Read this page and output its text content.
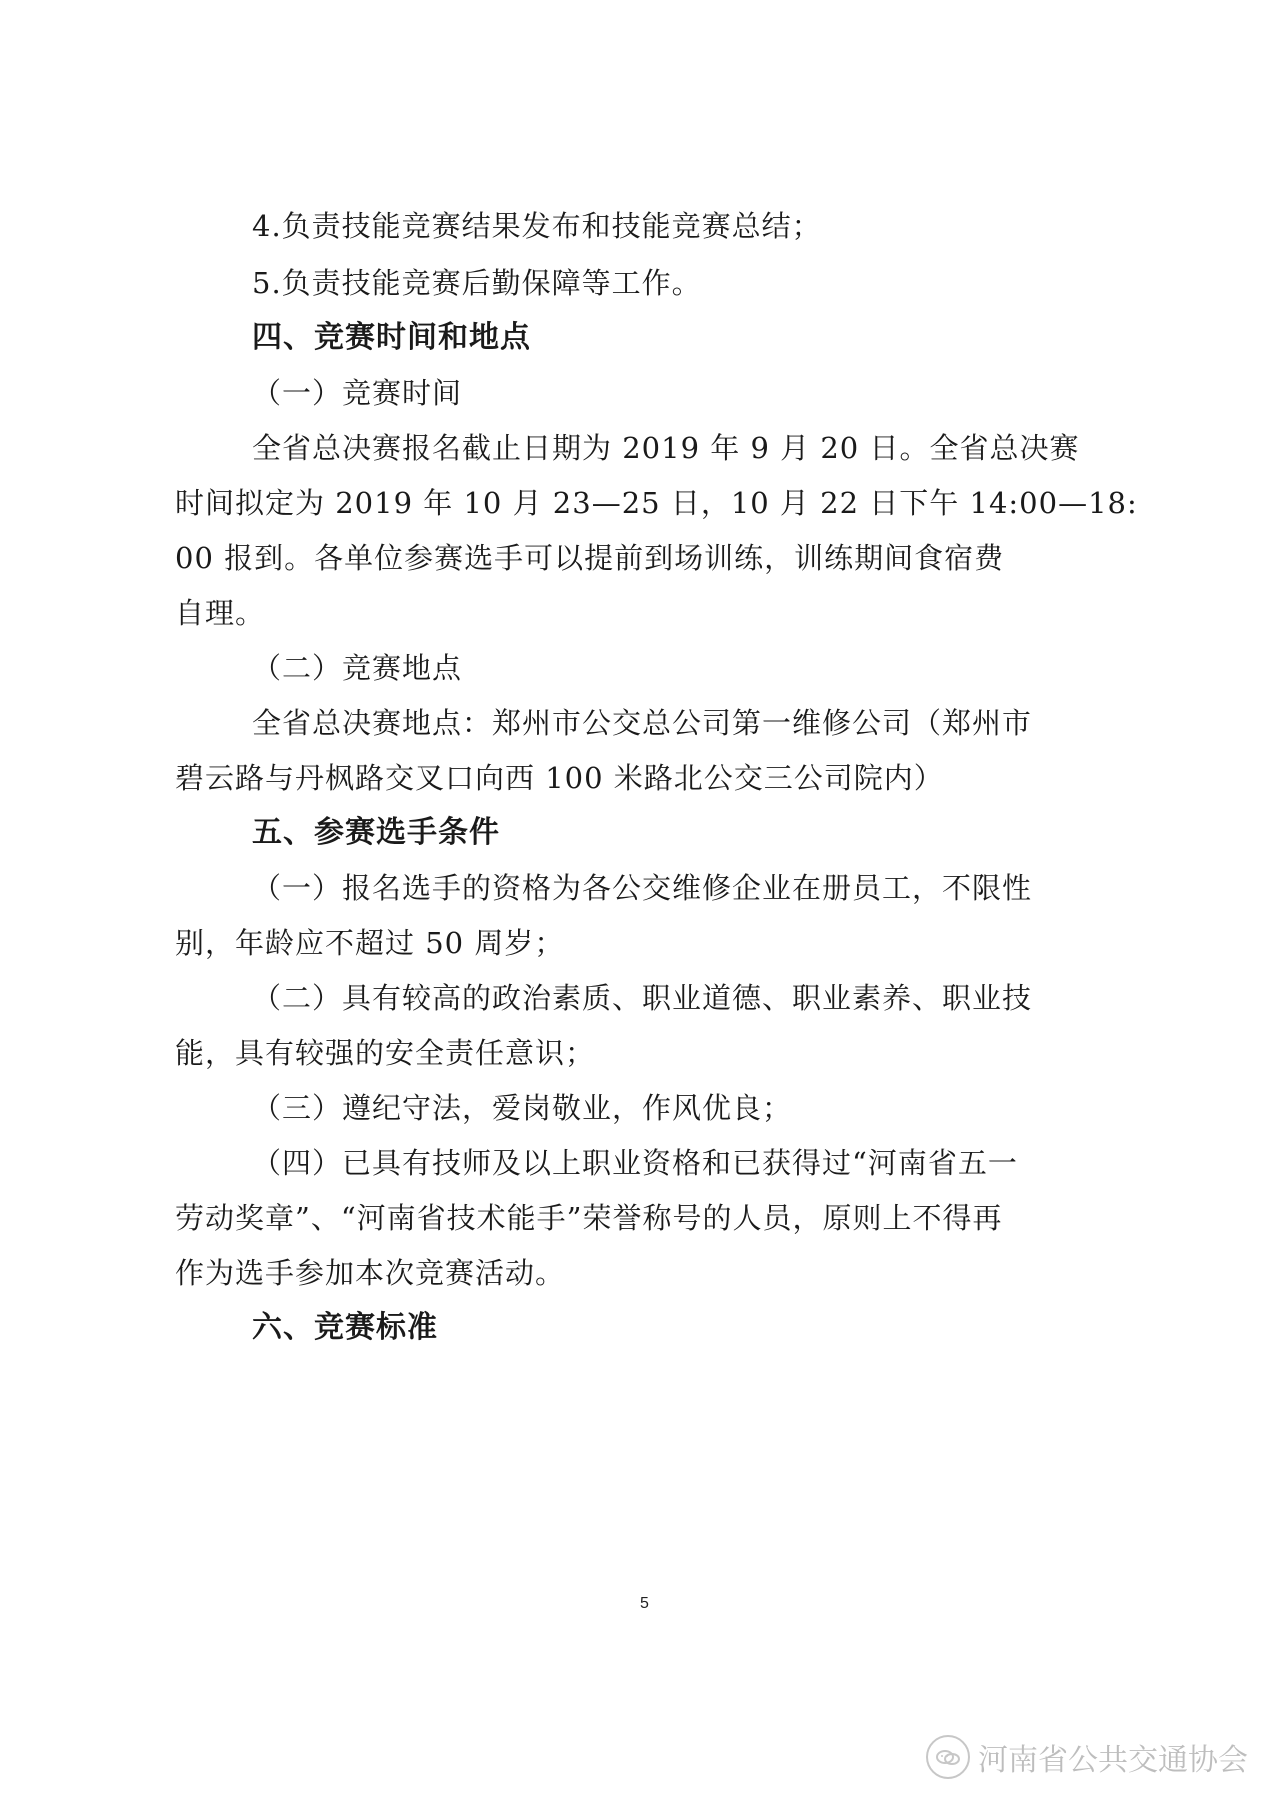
4.负责技能竞赛结果发布和技能竞赛总结；
5.负责技能竞赛后勤保障等工作。
四、竞赛时间和地点
（一）竞赛时间
全省总决赛报名截止日期为 2019 年 9 月 20 日。全省总决赛
时间拟定为 2019 年 10 月 23—25 日，10 月 22 日下午 14:00—18:
00 报到。各单位参赛选手可以提前到场训练，训练期间食宿费
自理。
（二）竞赛地点
全省总决赛地点：郑州市公交总公司第一维修公司（郑州市
碧云路与丹枫路交叉口向西 100 米路北公交三公司院内）
五、参赛选手条件
（一）报名选手的资格为各公交维修企业在册员工，不限性
别，年龄应不超过 50 周岁；
（二）具有较高的政治素质、职业道德、职业素养、职业技
能，具有较强的安全责任意识；
（三）遵纪守法，爱岗敬业，作风优良；
（四）已具有技师及以上职业资格和已获得过“河南省五一
劳动奖章”、“河南省技术能手”荣誉称号的人员，原则上不得再
作为选手参加本次竞赛活动。
六、竞赛标准
5
河南省公共交通协会
